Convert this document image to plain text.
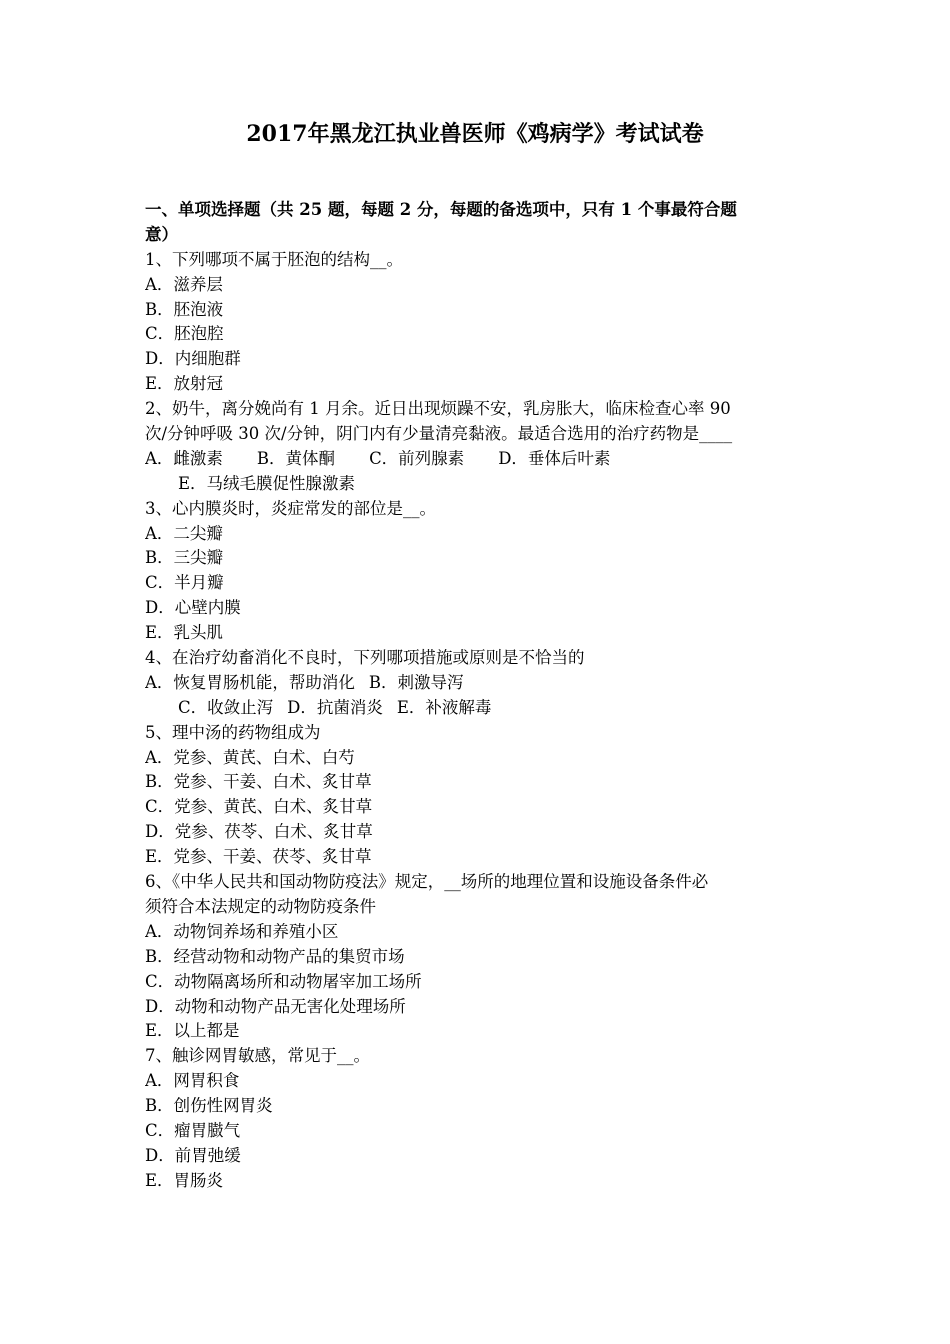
2017年黑龙江执业兽医师《鸡病学》考试试卷
一、单项选择题（共 25 题，每题 2 分，每题的备选项中，只有 1 个事最符合题
意）
1、下列哪项不属于胚泡的结构__。
A．滋养层
B．胚泡液
C．胚泡腔
D．内细胞群
E．放射冠
2、奶牛，离分娩尚有 1 月余。近日出现烦躁不安，乳房胀大，临床检查心率 90
次/分钟呼吸 30 次/分钟，阴门内有少量清亮黏液。最适合选用的治疗药物是____
A．雌激素 B．黄体酮 C．前列腺素 D．垂体后叶素
E．马绒毛膜促性腺激素
3、心内膜炎时，炎症常发的部位是__。
A．二尖瓣
B．三尖瓣
C．半月瓣
D．心壁内膜
E．乳头肌
4、在治疗幼畜消化不良时，下列哪项措施或原则是不恰当的
A．恢复胃肠机能，帮助消化 B．刺激导泻
C．收敛止泻 D．抗菌消炎 E．补液解毒
5、理中汤的药物组成为
A．党参、黄芪、白术、白芍
B．党参、干姜、白术、炙甘草
C．党参、黄芪、白术、炙甘草
D．党参、茯苓、白术、炙甘草
E．党参、干姜、茯苓、炙甘草
6、《中华人民共和国动物防疫法》规定，__场所的地理位置和设施设备条件必
须符合本法规定的动物防疫条件
A．动物饲养场和养殖小区
B．经营动物和动物产品的集贸市场
C．动物隔离场所和动物屠宰加工场所
D．动物和动物产品无害化处理场所
E．以上都是
7、触诊网胃敏感，常见于__。
A．网胃积食
B．创伤性网胃炎
C．瘤胃臌气
D．前胃弛缓
E．胃肠炎
